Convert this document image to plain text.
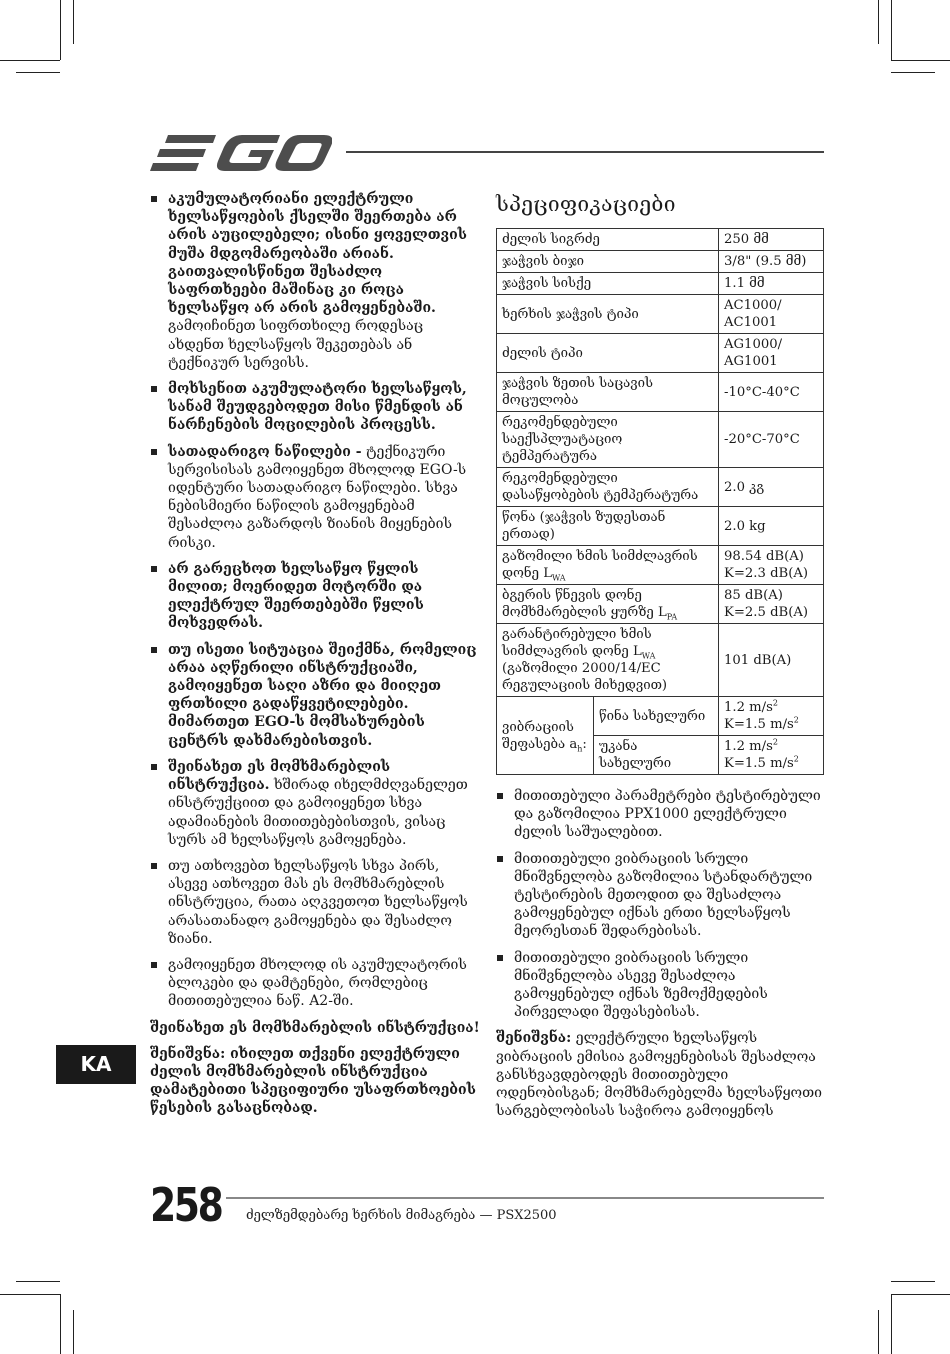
აკუმულატორიანი ელექტრული ხელსაწყოების ქსელში შეერთება არ არის აუცილებელი; ისინი ყოველთვის მუშა მდგომარეობაში არიან. გაითვალისწინეთ შესაძლო საფრთხეები მაშინაც კი როცა ხელსაწყო არ არის გამოყენებაში. გამოიჩინეთ სიფრთხილე როდესაც ახდენთ ხელსაწყოს შეკეთებას ან ტექნიკურ სერვისს.
მოხსენით აკუმულატორი ხელსაწყოს, სანამ შეუდგებოდეთ მისი წმენდის ან ნარჩენების მოცილების პროცესს.
სათადარიგო ნაწილები - ტექნიკური სერვისისას გამოიყენეთ მხოლოდ EGO-ს იდენტური სათადარიგო ნაწილები. სხვა ნებისმიერი ნაწილის გამოყენებამ შესაძლოა გაზარდოს ზიანის მიყენების რისკი.
არ გარეცხოთ ხელსაწყო წყლის მილით; მოერიდეთ მოტორში და ელექტრულ შეერთებებში წყლის მოხვედრას.
თუ ისეთი სიტუაცია შეიქმნა, რომელიც არაა აღწერილი ინსტრუქციაში, გამოიყენეთ საღი აზრი და მიიღეთ ფრთხილი გადაწყვეტილებები. მიმართეთ EGO-ს მომსახურების ცენტრს დახმარებისთვის.
შეინახეთ ეს მომხმარებლის ინსტრუქცია. ხშირად იხელმძღვანელეთ ინსტრუქციით და გამოიყენეთ სხვა ადამიანების მითითებებისთვის, ვისაც სურს ამ ხელსაწყოს გამოყენება.
თუ ათხოვებთ ხელსაწყოს სხვა პირს, ასევე ათხოვეთ მას ეს მომხმარებლის ინსტრუცია, რათა აღკვეთოთ ხელსაწყოს არასათანადო გამოყენება და შესაძლო ზიანი.
გამოიყენეთ მხოლოდ ის აკუმულატორის ბლოკები და დამტენები, რომლებიც მითითებულია ნაწ. A2-ში.

შეინახეთ ეს მომხმარებლის ინსტრუქცია!

შენიშვნა: იხილეთ თქვენი ელექტრული ძელის მომხმარებლის ინსტრუქცია დამატებითი სპეციფიური უსაფრთხოების წესების გასაცნობად.

სპეციფიკაციები
ძელის სიგრძე		250 მმ
ჯაჭვის ბიჯი		3/8" (9.5 მმ)
ჯაჭვის სისქე		1.1 მმ
ხერხის ჯაჭვის ტიპი		AC1000/ AC1001
ძელის ტიპი		AG1000/ AG1001
ჯაჭვის ზეთის საცავის მოცულობა		-10°C-40°C
რეკომენდებული საექსპლუატაციო ტემპერატურა		-20°C-70°C
რეკომენდებული დასაწყობების ტემპერატურა		2.0 კგ
წონა (ჯაჭვის ზუდესთან ერთად)		2.0 kg
გაზომილი ხმის სიმძლავრის დონე $L_{WA}$		98.54 dB(A)
K=2.3 dB(A)
ბგერის წნევის დონე მომხმარებლის ყურზე $L_{PA}$		85 dB(A)
K=2.5 dB(A)
გარანტირებული ხმის სიმძლავრის დონე $L_{WA}$ (გაზომილი 2000/14/EC რეგულაციის მიხედვით)		101 dB(A)
ვიბრაციის შეფასება $a_h$:	წინა სახელური	1.2 $m/s^2$
K=1.5 $m/s^2$
	უკანა სახელური	1.2 $m/s^2$
K=1.5 $m/s^2$
მითითებული პარამეტრები ტესტირებული და გაზომილია PPX1000 ელექტრული ძელის საშუალებით.
მითითებული ვიბრაციის სრული მნიშვნელობა გაზომილია სტანდარტული ტესტირების მეთოდით და შესაძლოა გამოყენებულ იქნას ერთი ხელსაწყოს მეორესთან შედარებისას.
მითითებული ვიბრაციის სრული მნიშვნელობა ასევე შესაძლოა გამოყენებულ იქნას ზემოქმედების პირველადი შეფასებისას.

შენიშვნა: ელექტრული ხელსაწყოს ვიბრაციის ემისია გამოყენებისას შესაძლოა განსხვავდებოდეს მითითებული ოდენობისგან; მომხმარებელმა ხელსაწყოთი სარგებლობისას საჭიროა გამოიყენოს

KA
258 ძელზემდებარე ხერხის მიმაგრება — PSX2500
